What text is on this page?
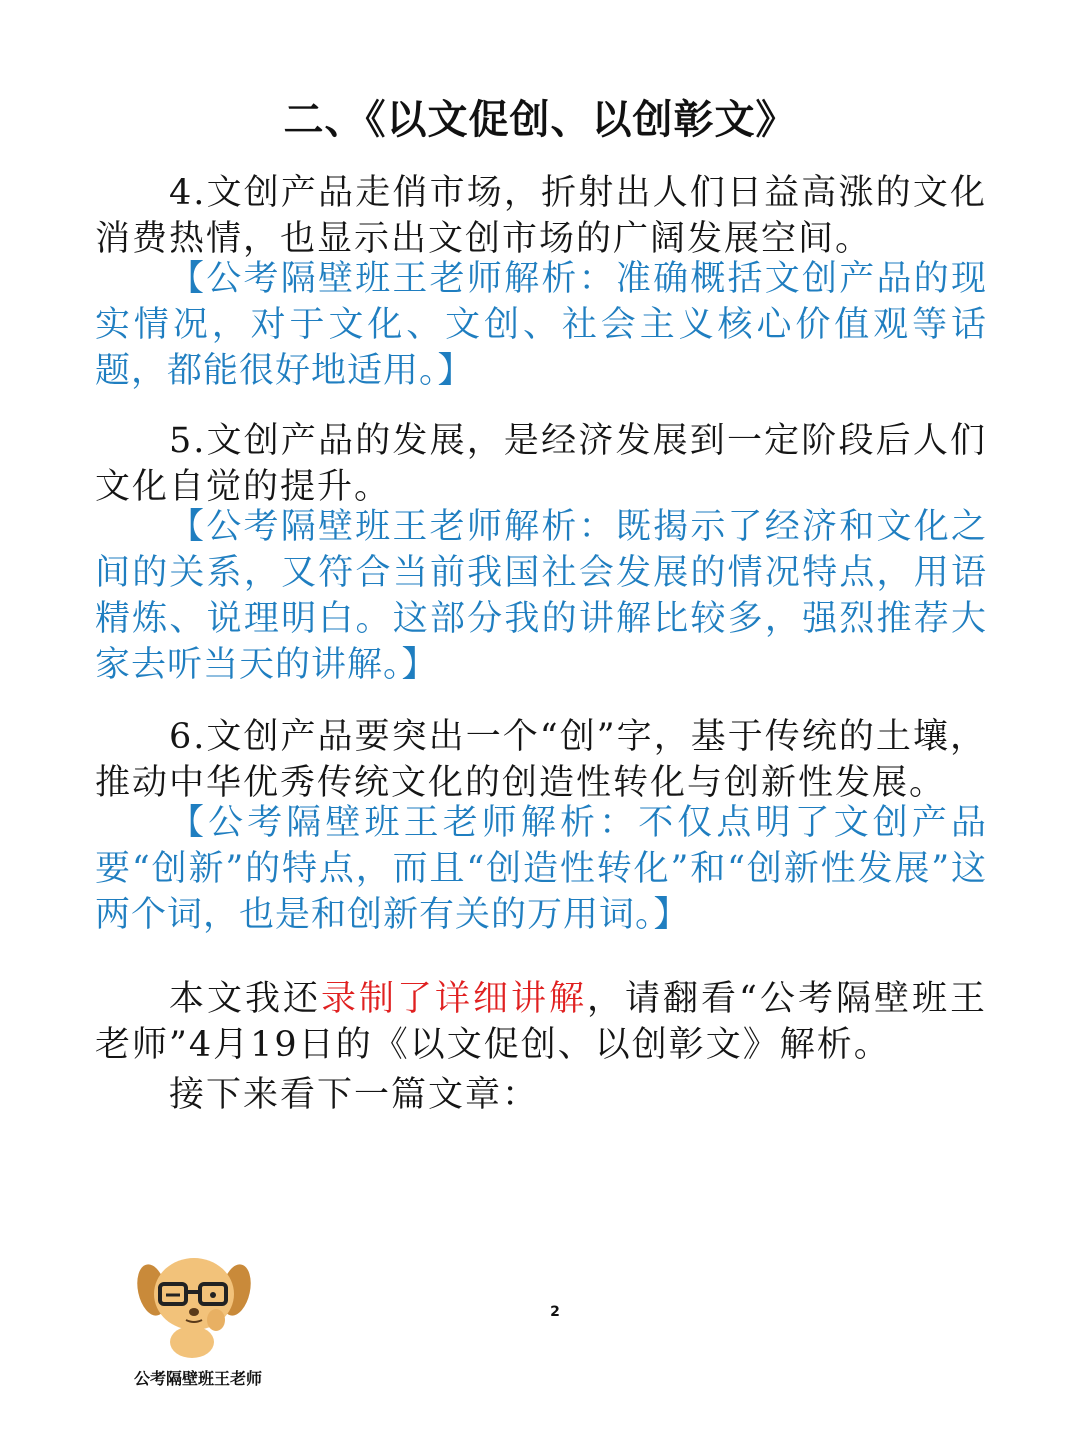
二、《以文促创、以创彰文》

4.文创产品走俏市场，折射出人们日益高涨的文化消费热情，也显示出文创市场的广阔发展空间。

【公考隔壁班王老师解析：准确概括文创产品的现实情况，对于文化、文创、社会主义核心价值观等话题，都能很好地适用。】

5.文创产品的发展，是经济发展到一定阶段后人们文化自觉的提升。

【公考隔壁班王老师解析：既揭示了经济和文化之间的关系，又符合当前我国社会发展的情况特点，用语精炼、说理明白。这部分我的讲解比较多，强烈推荐大家去听当天的讲解。】

6.文创产品要突出一个“创”字，基于传统的土壤，推动中华优秀传统文化的创造性转化与创新性发展。

【公考隔壁班王老师解析：不仅点明了文创产品要“创新”的特点，而且“创造性转化”和“创新性发展”这两个词，也是和创新有关的万用词。】

本文我还录制了详细讲解，请翻看“公考隔壁班王老师”4月19日的《以文促创、以创彰文》解析。

接下来看下一篇文章：

公考隔壁班王老师

2
